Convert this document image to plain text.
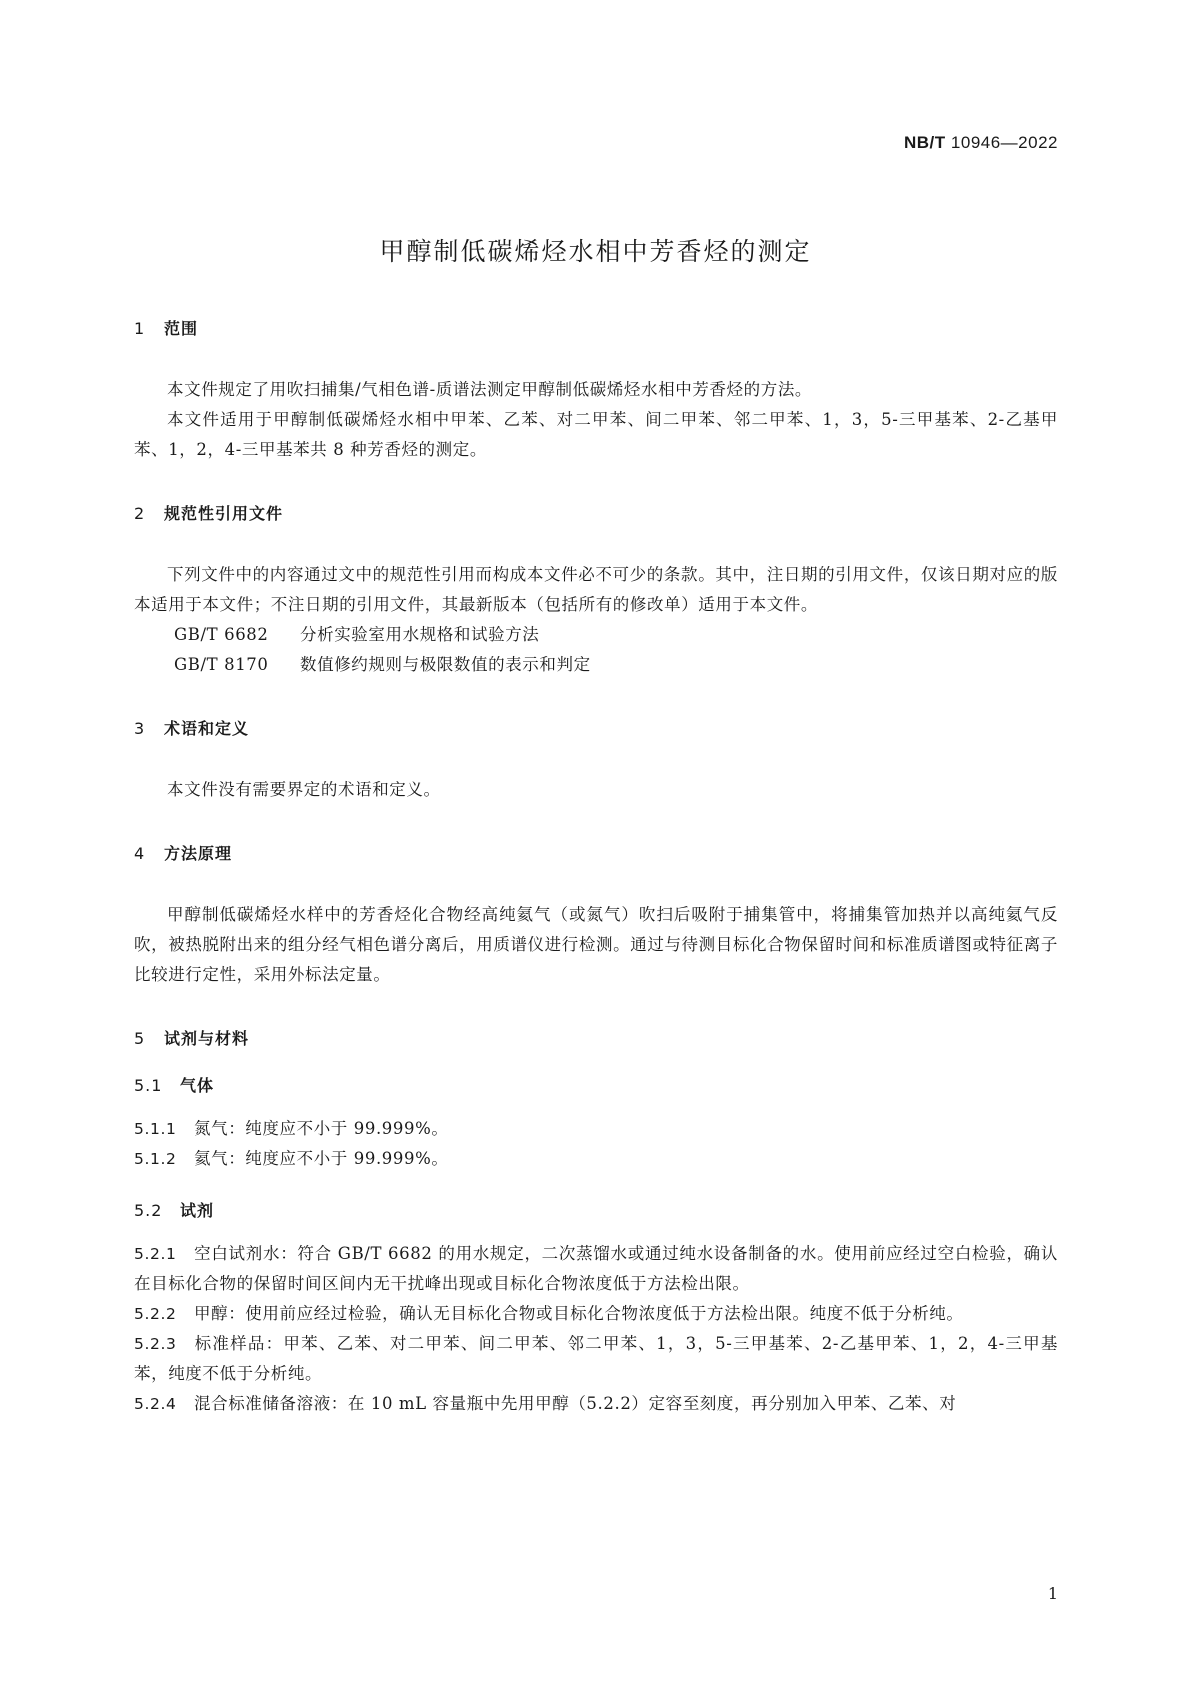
NB/T 10946—2022
甲醇制低碳烯烃水相中芳香烃的测定
1 范围

本文件规定了用吹扫捕集/气相色谱-质谱法测定甲醇制低碳烯烃水相中芳香烃的方法。

本文件适用于甲醇制低碳烯烃水相中甲苯、乙苯、对二甲苯、间二甲苯、邻二甲苯、1，3，5-三甲基苯、2-乙基甲苯、1，2，4-三甲基苯共 8 种芳香烃的测定。

2 规范性引用文件

下列文件中的内容通过文中的规范性引用而构成本文件必不可少的条款。其中，注日期的引用文件，仅该日期对应的版本适用于本文件；不注日期的引用文件，其最新版本（包括所有的修改单）适用于本文件。

GB/T 6682 分析实验室用水规格和试验方法

GB/T 8170 数值修约规则与极限数值的表示和判定

3 术语和定义

本文件没有需要界定的术语和定义。

4 方法原理

甲醇制低碳烯烃水样中的芳香烃化合物经高纯氦气（或氮气）吹扫后吸附于捕集管中，将捕集管加热并以高纯氦气反吹，被热脱附出来的组分经气相色谱分离后，用质谱仪进行检测。通过与待测目标化合物保留时间和标准质谱图或特征离子比较进行定性，采用外标法定量。

5 试剂与材料
5.1 气体

5.1.1 氮气：纯度应不小于 99.999%。

5.1.2 氦气：纯度应不小于 99.999%。

5.2 试剂

5.2.1 空白试剂水：符合 GB/T 6682 的用水规定，二次蒸馏水或通过纯水设备制备的水。使用前应经过空白检验，确认在目标化合物的保留时间区间内无干扰峰出现或目标化合物浓度低于方法检出限。

5.2.2 甲醇：使用前应经过检验，确认无目标化合物或目标化合物浓度低于方法检出限。纯度不低于分析纯。

5.2.3 标准样品：甲苯、乙苯、对二甲苯、间二甲苯、邻二甲苯、1，3，5-三甲基苯、2-乙基甲苯、1，2，4-三甲基苯，纯度不低于分析纯。

5.2.4 混合标准储备溶液：在 10 mL 容量瓶中先用甲醇（5.2.2）定容至刻度，再分别加入甲苯、乙苯、对

1
